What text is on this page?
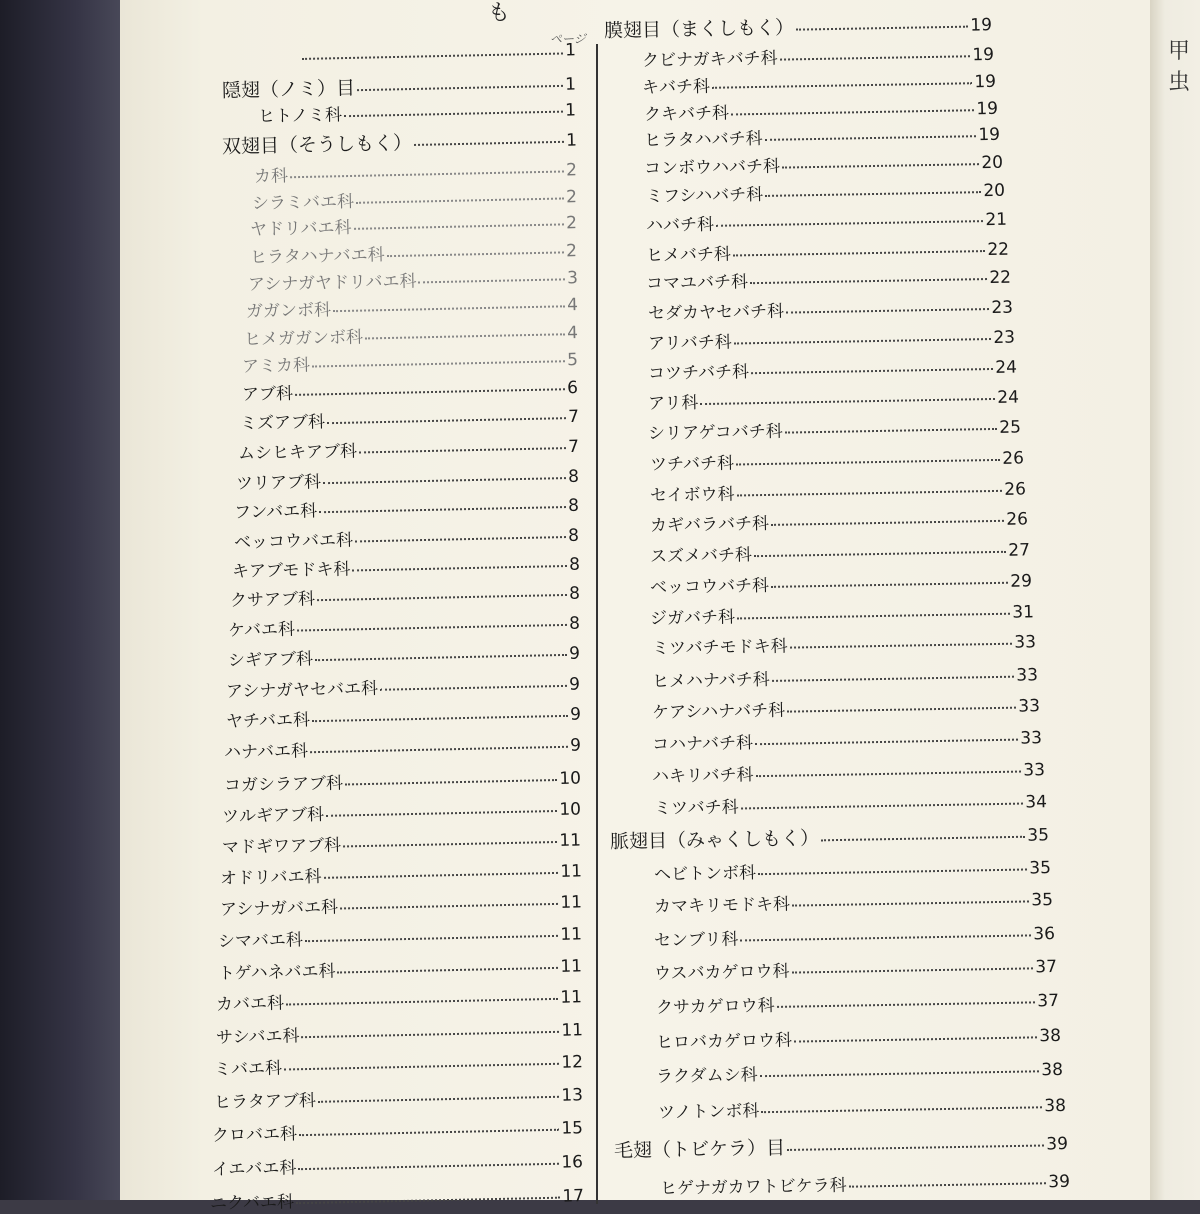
甲虫
も
ページ
1
隠翅（ノミ）目	1
ヒトノミ科	1
双翅目（そうしもく）	1
カ科	2
シラミバエ科	2
ヤドリバエ科	2
ヒラタハナバエ科	2
アシナガヤドリバエ科	3
ガガンボ科	4
ヒメガガンボ科	4
アミカ科	5
アブ科	6
ミズアブ科	7
ムシヒキアブ科	7
ツリアブ科	8
フンバエ科	8
ベッコウバエ科	8
キアブモドキ科	8
クサアブ科	8
ケバエ科	8
シギアブ科	9
アシナガヤセバエ科	9
ヤチバエ科	9
ハナバエ科	9
コガシラアブ科	10
ツルギアブ科	10
マドギワアブ科	11
オドリバエ科	11
アシナガバエ科	11
シマバエ科	11
トゲハネバエ科	11
カバエ科	11
サシバエ科	11
ミバエ科	12
ヒラタアブ科	13
クロバエ科	15
イエバエ科	16
ニクバエ科	17
膜翅目（まくしもく）	19
クビナガキバチ科	19
キバチ科	19
クキバチ科	19
ヒラタハバチ科	19
コンボウハバチ科	20
ミフシハバチ科	20
ハバチ科	21
ヒメバチ科	22
コマユバチ科	22
セダカヤセバチ科	23
アリバチ科	23
コツチバチ科	24
アリ科	24
シリアゲコバチ科	25
ツチバチ科	26
セイボウ科	26
カギバラバチ科	26
スズメバチ科	27
ベッコウバチ科	29
ジガバチ科	31
ミツバチモドキ科	33
ヒメハナバチ科	33
ケアシハナバチ科	33
コハナバチ科	33
ハキリバチ科	33
ミツバチ科	34
脈翅目（みゃくしもく）	35
ヘビトンボ科	35
カマキリモドキ科	35
センブリ科	36
ウスバカゲロウ科	37
クサカゲロウ科	37
ヒロバカゲロウ科	38
ラクダムシ科	38
ツノトンボ科	38
毛翅（トビケラ）目	39
ヒゲナガカワトビケラ科	39
